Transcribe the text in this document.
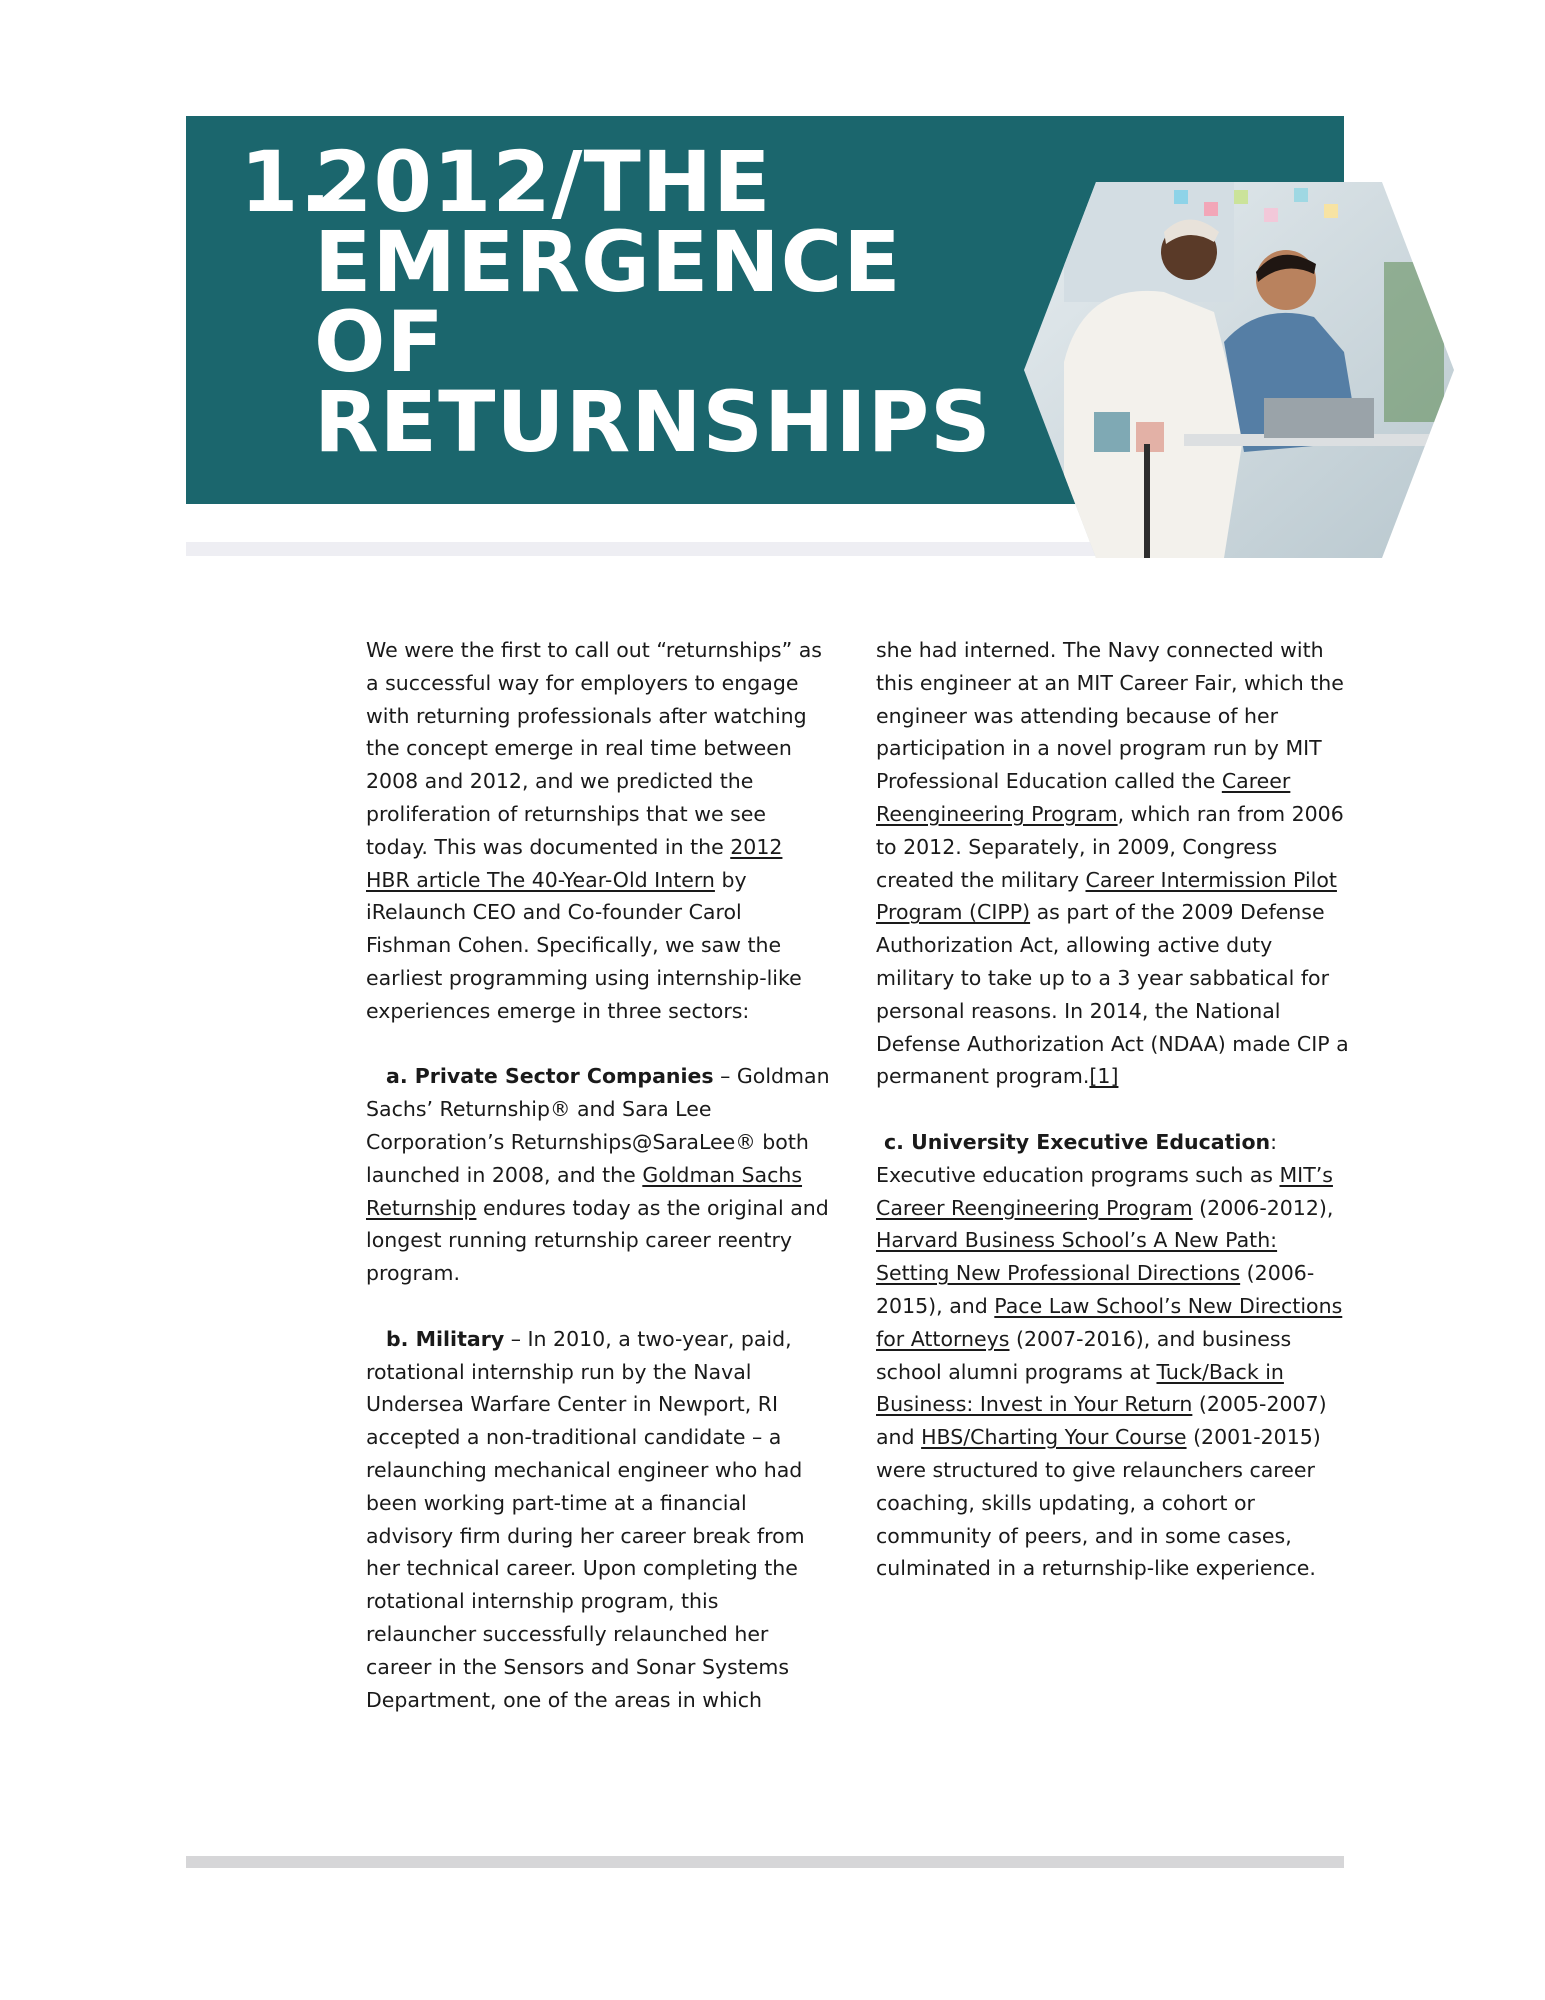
1.
2012/THE
EMERGENCE
OF
RETURNSHIPS

We were the first to call out “returnships” as a successful way for employers to engage with returning professionals after watching the concept emerge in real time between 2008 and 2012, and we predicted the proliferation of returnships that we see today. This was documented in the 2012 HBR article The 40-Year-Old Intern by iRelaunch CEO and Co-founder Carol Fishman Cohen. Specifically, we saw the earliest programming using internship-like experiences emerge in three sectors:

a. Private Sector Companies – Goldman Sachs’ Returnship® and Sara Lee Corporation’s Returnships@SaraLee® both launched in 2008, and the Goldman Sachs Returnship endures today as the original and longest running returnship career reentry program.

b. Military – In 2010, a two-year, paid, rotational internship run by the Naval Undersea Warfare Center in Newport, RI accepted a non-traditional candidate – a relaunching mechanical engineer who had been working part-time at a financial advisory firm during her career break from her technical career. Upon completing the rotational internship program, this relauncher successfully relaunched her career in the Sensors and Sonar Systems Department, one of the areas in which

she had interned. The Navy connected with this engineer at an MIT Career Fair, which the engineer was attending because of her participation in a novel program run by MIT Professional Education called the Career Reengineering Program, which ran from 2006 to 2012. Separately, in 2009, Congress created the military Career Intermission Pilot Program (CIPP) as part of the 2009 Defense Authorization Act, allowing active duty military to take up to a 3 year sabbatical for personal reasons. In 2014, the National Defense Authorization Act (NDAA) made CIP a permanent program.[1]

c. University Executive Education: Executive education programs such as MIT’s Career Reengineering Program (2006-2012), Harvard Business School’s A New Path: Setting New Professional Directions (2006-2015), and Pace Law School’s New Directions for Attorneys (2007-2016), and business school alumni programs at Tuck/Back in Business: Invest in Your Return (2005-2007) and HBS/Charting Your Course (2001-2015) were structured to give relaunchers career coaching, skills updating, a cohort or community of peers, and in some cases, culminated in a returnship-like experience.
